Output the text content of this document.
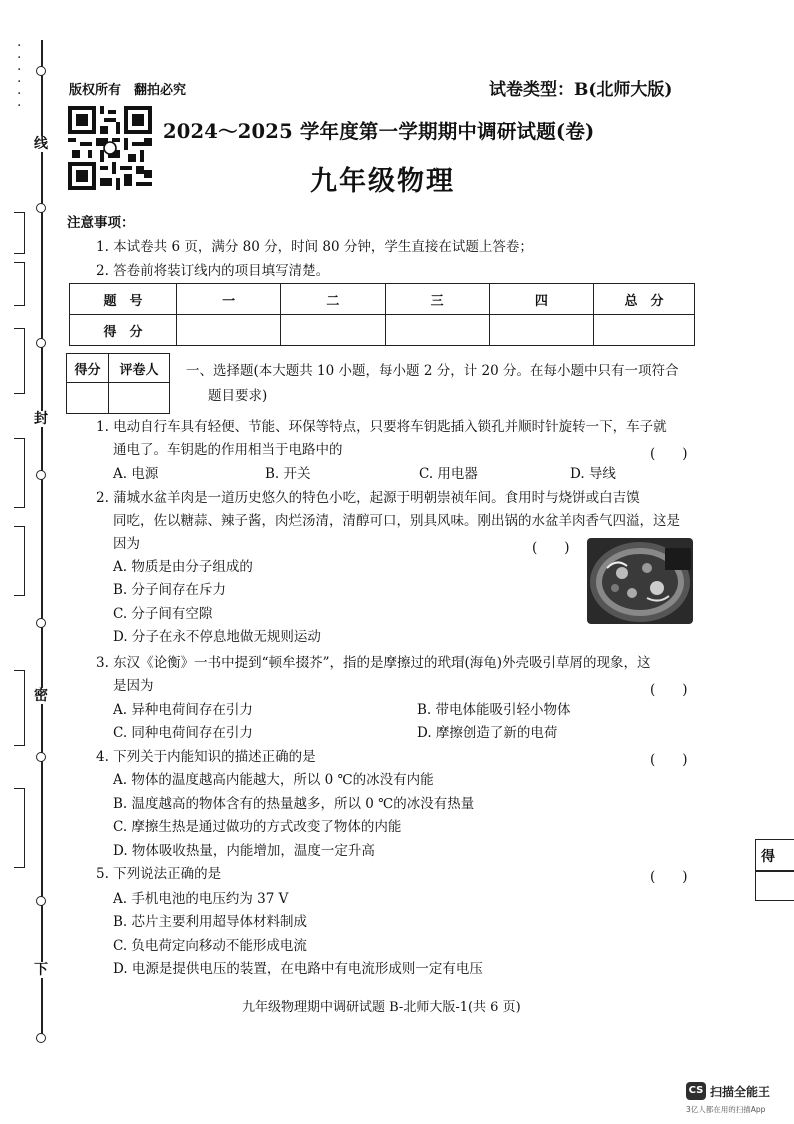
·
·
·
·
·
·
线
封
密
下
版权所有　翻拍必究	试卷类型：B(北师大版)
2024～2025 学年度第一学期期中调研试题(卷)
九年级物理
注意事项：
1. 本试卷共 6 页，满分 80 分，时间 80 分钟，学生直接在试题上答卷；
2. 答卷前将装订线内的项目填写清楚。
题　号	一	二	三	四	总　分
得　分					
得分	评卷人
	一、选择题(本大题共 10 小题，每小题 2 分，计 20 分。在每小题中只有一项符合
题目要求)
1. 电动自行车具有轻便、节能、环保等特点，只要将车钥匙插入锁孔并顺时针旋转一下，车子就
通电了。车钥匙的作用相当于电路中的	(　　)
A. 电源	B. 开关	C. 用电器	D. 导线
2. 蒲城水盆羊肉是一道历史悠久的特色小吃，起源于明朝崇祯年间。食用时与烧饼或白吉馍
同吃，佐以糖蒜、辣子酱，肉烂汤清，清醇可口，别具风味。刚出锅的水盆羊肉香气四溢，这是
因为	(　　)
A. 物质是由分子组成的
B. 分子间存在斥力
C. 分子间有空隙
D. 分子在永不停息地做无规则运动
3. 东汉《论衡》一书中提到“顿牟掇芥”，指的是摩擦过的玳瑁(海龟)外壳吸引草屑的现象，这
是因为	(　　)
A. 异种电荷间存在引力	B. 带电体能吸引轻小物体
C. 同种电荷间存在引力	D. 摩擦创造了新的电荷
4. 下列关于内能知识的描述正确的是	(　　)
A. 物体的温度越高内能越大，所以 0 ℃的冰没有内能
B. 温度越高的物体含有的热量越多，所以 0 ℃的冰没有热量
C. 摩擦生热是通过做功的方式改变了物体的内能
D. 物体吸收热量，内能增加，温度一定升高
5. 下列说法正确的是	(　　)
A. 手机电池的电压约为 37 V
B. 芯片主要利用超导体材料制成
C. 负电荷定向移动不能形成电流
D. 电源是提供电压的装置，在电路中有电流形成则一定有电压
九年级物理期中调研试题 B-北师大版-1(共 6 页)
得
CS 扫描全能王
3亿人都在用的扫描App
